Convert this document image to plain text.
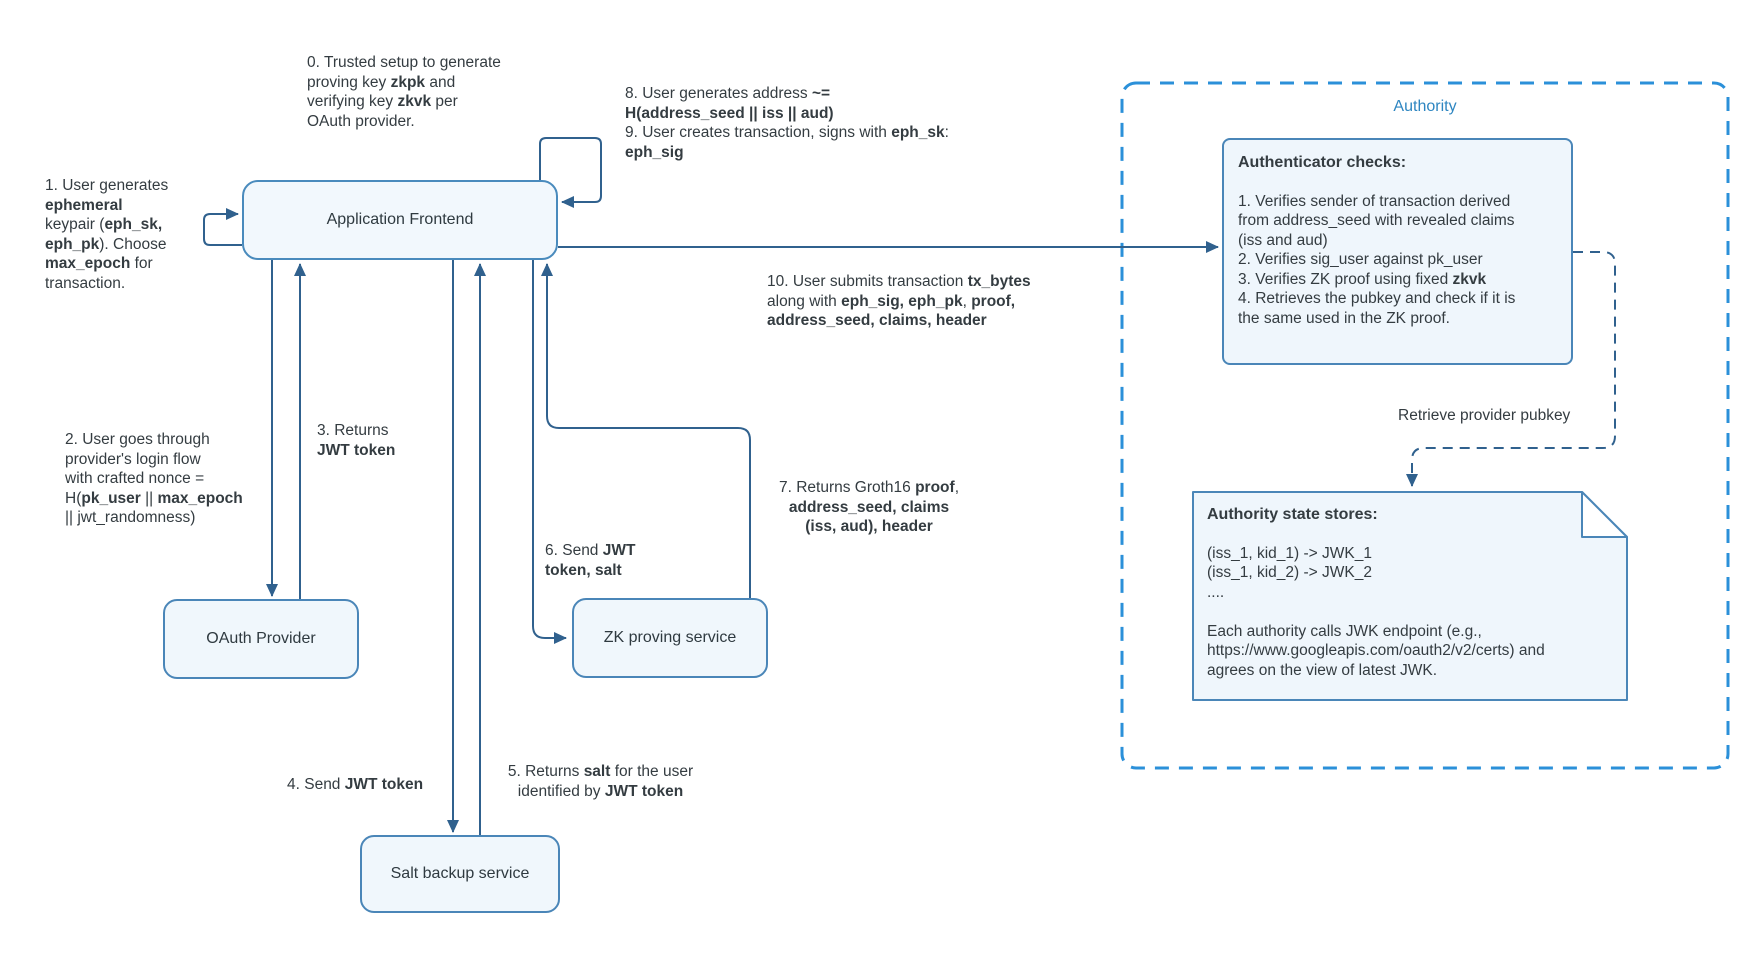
Application Frontend
OAuth Provider	ZK proving service
Salt backup service
0. Trusted setup to generate
proving key zkpk and
verifying key zkvk per
OAuth provider.
1. User generates
ephemeral
keypair (eph_sk,
eph_pk). Choose
max_epoch for
transaction.
2. User goes through
provider's login flow
with crafted nonce =
H(pk_user || max_epoch
|| jwt_randomness)
3. Returns
JWT token
4. Send JWT token
5. Returns salt for the user
identified by JWT token
6. Send JWT
token, salt
7. Returns Groth16 proof,
address_seed, claims
(iss, aud), header
8. User generates address ~=
H(address_seed || iss || aud)
9. User creates transaction, signs with eph_sk:
eph_sig
10. User submits transaction tx_bytes
along with eph_sig, eph_pk, proof,
address_seed, claims, header
Authority
Authenticator checks:
1. Verifies sender of transaction derived
from address_seed with revealed claims
(iss and aud)
2. Verifies sig_user against pk_user
3. Verifies ZK proof using fixed zkvk
4. Retrieves the pubkey and check if it is
the same used in the ZK proof.
Retrieve provider pubkey
Authority state stores:
(iss_1, kid_1) -> JWK_1
(iss_1, kid_2) -> JWK_2
....

Each authority calls JWK endpoint (e.g.,
https://www.googleapis.com/oauth2/v2/certs) and
agrees on the view of latest JWK.
